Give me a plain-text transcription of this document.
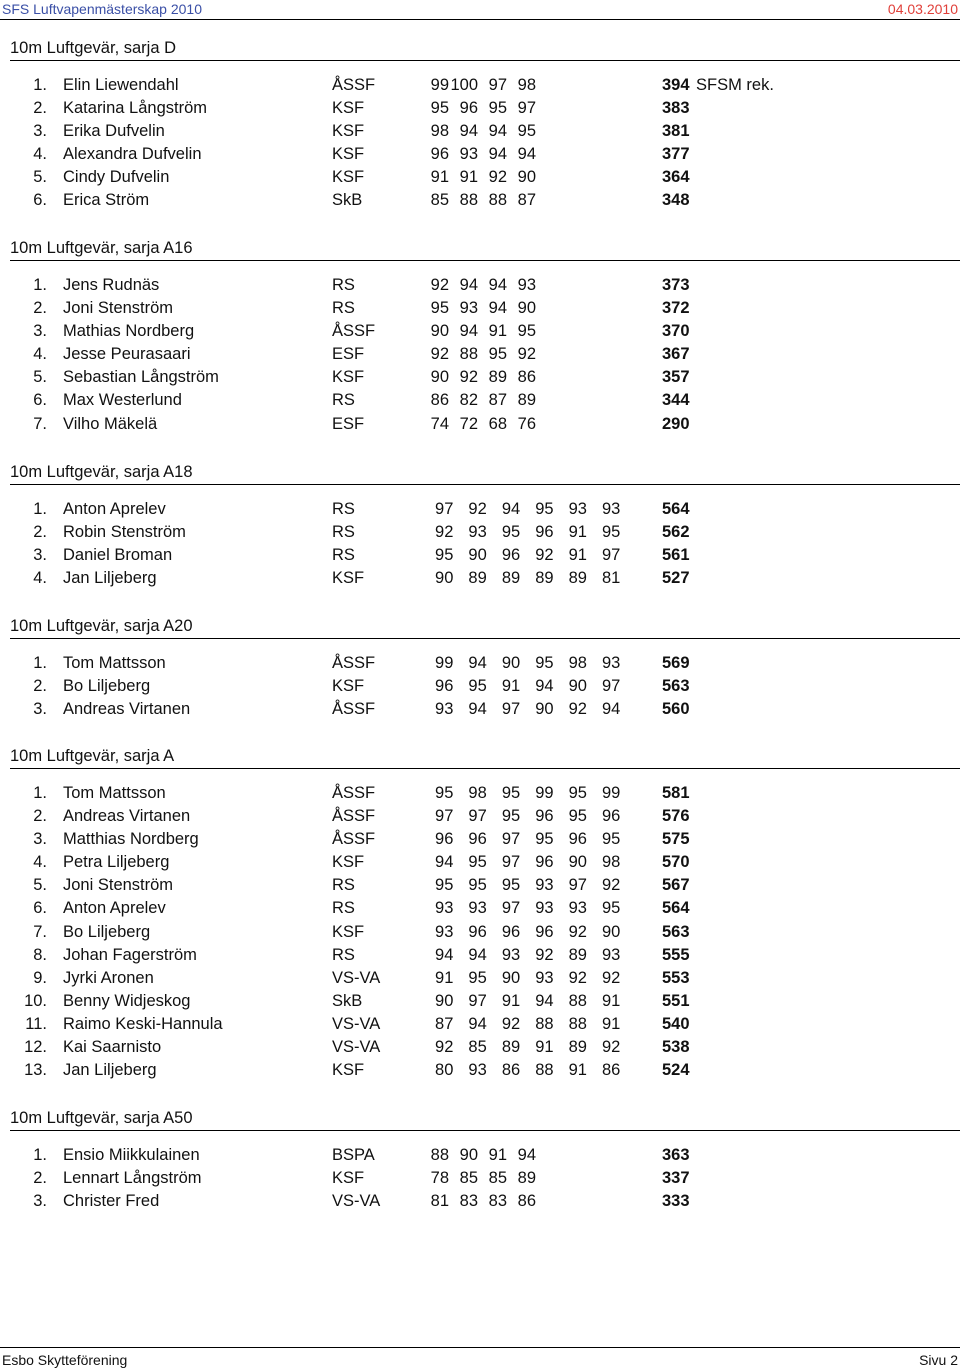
SFS Luftvapenmästerskap 2010	04.03.2010
10m Luftgevär, sarja D
1. Elin Liewendahl	ÅSSF	99 100 97 98	394 SFSM rek.
2. Katarina Långström	KSF	95 96 95 97	383
3. Erika Dufvelin	KSF	98 94 94 95	381
4. Alexandra Dufvelin	KSF	96 93 94 94	377
5. Cindy Dufvelin	KSF	91 91 92 90	364
6. Erica Ström	SkB	85 88 88 87	348
10m Luftgevär, sarja A16
1. Jens Rudnäs	RS	92 94 94 93	373
2. Joni Stenström	RS	95 93 94 90	372
3. Mathias Nordberg	ÅSSF	90 94 91 95	370
4. Jesse Peurasaari	ESF	92 88 95 92	367
5. Sebastian Långström	KSF	90 92 89 86	357
6. Max Westerlund	RS	86 82 87 89	344
7. Vilho Mäkelä	ESF	74 72 68 76	290
10m Luftgevär, sarja A18
1. Anton Aprelev	RS	97 92 94 95 93 93	564
2. Robin Stenström	RS	92 93 95 96 91 95	562
3. Daniel Broman	RS	95 90 96 92 91 97	561
4. Jan Liljeberg	KSF	90 89 89 89 89 81	527
10m Luftgevär, sarja A20
1. Tom Mattsson	ÅSSF	99 94 90 95 98 93	569
2. Bo Liljeberg	KSF	96 95 91 94 90 97	563
3. Andreas Virtanen	ÅSSF	93 94 97 90 92 94	560
10m Luftgevär, sarja A
1. Tom Mattsson	ÅSSF	95 98 95 99 95 99	581
2. Andreas Virtanen	ÅSSF	97 97 95 96 95 96	576
3. Matthias Nordberg	ÅSSF	96 96 97 95 96 95	575
4. Petra Liljeberg	KSF	94 95 97 96 90 98	570
5. Joni Stenström	RS	95 95 95 93 97 92	567
6. Anton Aprelev	RS	93 93 97 93 93 95	564
7. Bo Liljeberg	KSF	93 96 96 96 92 90	563
8. Johan Fagerström	RS	94 94 93 92 89 93	555
9. Jyrki Aronen	VS-VA	91 95 90 93 92 92	553
10. Benny Widjeskog	SkB	90 97 91 94 88 91	551
11. Raimo Keski-Hannula	VS-VA	87 94 92 88 88 91	540
12. Kai Saarnisto	VS-VA	92 85 89 91 89 92	538
13. Jan Liljeberg	KSF	80 93 86 88 91 86	524
10m Luftgevär, sarja A50
1. Ensio Miikkulainen	BSPA	88 90 91 94	363
2. Lennart Långström	KSF	78 85 85 89	337
3. Christer Fred	VS-VA	81 83 83 86	333
Esbo Skytteförening	Sivu 2
